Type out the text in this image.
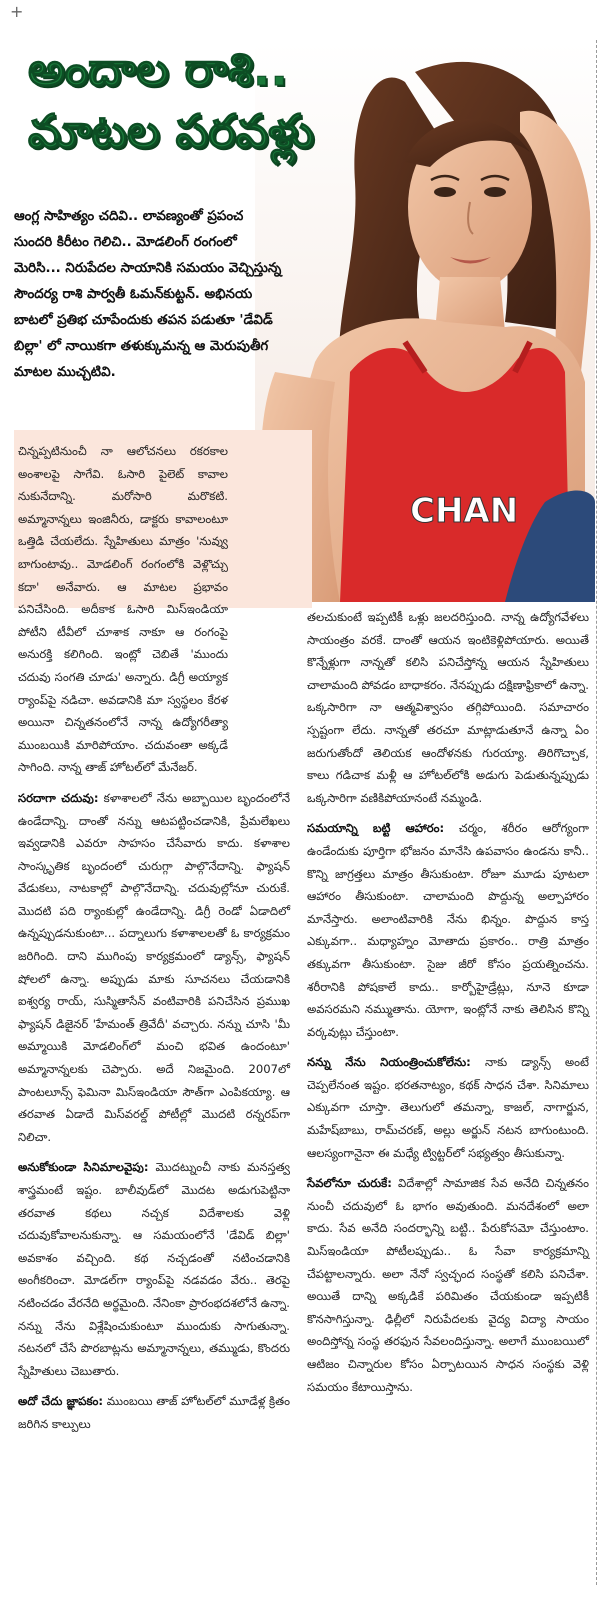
+
CHAN
అందాల రాశి..
మాటల పరవళ్లు

ఆంగ్ల సాహిత్యం చదివి.. లావణ్యంతో ప్రపంచ సుందరి కిరీటం గెలిచి.. మోడలింగ్ రంగంలో మెరిసి... నిరుపేదల సాయానికి సమయం వెచ్చిస్తున్న సౌందర్య రాశి పార్వతీ ఓమన్‌కుట్టన్. అభినయ బాటలో ప్రతిభ చూపేందుకు తపన పడుతూ 'డేవిడ్ బిల్లా' లో నాయికగా తళుక్కుమన్న ఆ మెరుపుతీగ మాటల ముచ్చటివి.

చిన్నప్పటినుంచీ నా ఆలోచనలు రకరకాల అంశాలపై సాగేవి. ఓసారి పైలెట్ కావాల నుకునేదాన్ని. మరోసారి మరొకటి. అమ్మానాన్నలు ఇంజినీరు, డాక్టరు కావాలంటూ ఒత్తిడి చేయలేదు. స్నేహితులు మాత్రం 'నువ్వు బాగుంటావు.. మోడలింగ్ రంగంలోకి వెళ్లొచ్చు కదా' అనేవారు. ఆ మాటల ప్రభావం పనిచేసింది. అదీకాక ఓసారి మిస్ఇండియా పోటీని టీవీలో చూశాక నాకూ ఆ రంగంపై అనురక్తి కలిగింది. ఇంట్లో చెబితే 'ముందు చదువు సంగతి చూడు' అన్నారు. డిగ్రీ అయ్యాక ర్యాంప్‌పై నడిచా. అవడానికి మా స్వస్థలం కేరళ అయినా చిన్నతనంలోనే నాన్న ఉద్యోగరీత్యా ముంబయికి మారిపోయాం. చదువంతా అక్కడే సాగింది. నాన్న తాజ్ హోటల్‌లో మేనేజర్.

సరదాగా చదువు: కళాశాలలో నేను అబ్బాయిల బృందంలోనే ఉండేదాన్ని. దాంతో నన్ను ఆటపట్టించడానికి, ప్రేమలేఖలు ఇవ్వడానికి ఎవరూ సాహసం చేసేవారు కాదు. కళాశాల సాంస్కృతిక బృందంలో చురుగ్గా పాల్గొనేదాన్ని. ఫ్యాషన్ వేడుకలు, నాటకాల్లో పాల్గొనేదాన్ని. చదువుల్లోనూ చురుకే. మొదటి పది ర్యాంకుల్లో ఉండేదాన్ని. డిగ్రీ రెండో ఏడాదిలో ఉన్నప్పుడనుకుంటా... పద్నాలుగు కళాశాలలతో ఓ కార్యక్రమం జరిగింది. దాని ముగింపు కార్యక్రమంలో డ్యాన్స్, ఫ్యాషన్ షోలలో ఉన్నా. అప్పుడు మాకు సూచనలు చేయడానికి ఐశ్వర్య రాయ్, సుస్మితాసేన్ వంటివారికి పనిచేసిన ప్రముఖ ఫ్యాషన్ డిజైనర్ 'హేమంత్ త్రివేదీ' వచ్చారు. నన్ను చూసి 'మీ అమ్మాయికి మోడలింగ్‌లో మంచి భవిత ఉందంటూ' అమ్మానాన్నలకు చెప్పారు. అదే నిజమైంది. 2007లో పాంటలూన్స్ ఫెమినా మిస్ఇండియా సౌత్‌గా ఎంపికయ్యా. ఆ తరవాత ఏడాదే మిస్‌వరల్డ్ పోటీల్లో మొదటి రన్నరప్‌గా నిలిచా.

అనుకోకుండా సినిమాలవైపు: మొదట్నుంచీ నాకు మనస్తత్వ శాస్త్రమంటే ఇష్టం. బాలీవుడ్‌లో మొదట అడుగుపెట్టినా తరవాత కథలు నచ్చక విదేశాలకు వెళ్లి చదువుకోవాలనుకున్నా. ఆ సమయంలోనే 'డేవిడ్ బిల్లా' అవకాశం వచ్చింది. కథ నచ్చడంతో నటించడానికి అంగీకరించా. మోడల్‌గా ర్యాంప్‌పై నడవడం వేరు.. తెరపై నటించడం వేరనేది అర్థమైంది. నేనింకా ప్రారంభదశలోనే ఉన్నా. నన్ను నేను విశ్లేషించుకుంటూ ముందుకు సాగుతున్నా. నటనలో చేసే పొరబాట్లను అమ్మానాన్నలు, తమ్ముడు, కొందరు స్నేహితులు చెబుతారు.

అదో చేదు జ్ఞాపకం: ముంబయి తాజ్ హోటల్‌లో మూడేళ్ల క్రితం జరిగిన కాల్పులు

తలచుకుంటే ఇప్పటికీ ఒళ్లు జలదరిస్తుంది. నాన్న ఉద్యోగవేళలు సాయంత్రం వరకే. దాంతో ఆయన ఇంటికెళ్లిపోయారు. అయితే కొన్నేళ్లుగా నాన్నతో కలిసి పనిచేస్తోన్న ఆయన స్నేహితులు చాలామంది పోవడం బాధాకరం. నేనప్పుడు దక్షిణాఫ్రికాలో ఉన్నా. ఒక్కసారిగా నా ఆత్మవిశ్వాసం తగ్గిపోయింది. సమాచారం స్పష్టంగా లేదు. నాన్నతో తరచూ మాట్లాడుతూనే ఉన్నా ఏం జరుగుతోందో తెలియక ఆందోళనకు గురయ్యా. తిరిగొచ్చాక, కాలు గడిచాక మళ్లీ ఆ హోటల్‌లోకి అడుగు పెడుతున్నప్పుడు ఒక్కసారిగా వణికిపోయానంటే నమ్మండి.

సమయాన్ని బట్టి ఆహారం: చర్మం, శరీరం ఆరోగ్యంగా ఉండేందుకు పూర్తిగా భోజనం మానేసి ఉపవాసం ఉండను కానీ.. కొన్ని జాగ్రత్తలు మాత్రం తీసుకుంటా. రోజూ మూడు పూటలా ఆహారం తీసుకుంటా. చాలామంది పొద్దున్న అల్పాహారం మానేస్తారు. అలాంటివారికి నేను భిన్నం. పొద్దున కాస్త ఎక్కువగా.. మధ్యాహ్నం మోతాదు ప్రకారం.. రాత్రి మాత్రం తక్కువగా తీసుకుంటా. సైజు జీరో కోసం ప్రయత్నించను. శరీరానికి పోషకాలే కాదు.. కార్బోహైడ్రేట్లు, నూనె కూడా అవసరమని నమ్ముతాను. యోగా, ఇంట్లోనే నాకు తెలిసిన కొన్ని వర్కవుట్లు చేస్తుంటా.

నన్ను నేను నియంత్రించుకోలేను: నాకు డ్యాన్స్ అంటే చెప్పలేనంత ఇష్టం. భరతనాట్యం, కథక్ సాధన చేశా. సినిమాలు ఎక్కువగా చూస్తా. తెలుగులో తమన్నా, కాజల్, నాగార్జున, మహేష్‌బాబు, రామ్‌చరణ్, అల్లు అర్జున్ నటన బాగుంటుంది. ఆలస్యంగానైనా ఈ మధ్యే ట్విట్టర్‌లో సభ్యత్వం తీసుకున్నా.

సేవలోనూ చురుకే: విదేశాల్లో సామాజిక సేవ అనేది చిన్నతనం నుంచీ చదువులో ఓ భాగం అవుతుంది. మనదేశంలో అలా కాదు. సేవ అనేది సందర్భాన్ని బట్టి.. పేరుకోసమో చేస్తుంటాం. మిస్ఇండియా పోటీలప్పుడు.. ఓ సేవా కార్యక్రమాన్ని చేపట్టాలన్నారు. అలా నేనో స్వచ్ఛంద సంస్థతో కలిసి పనిచేశా. అయితే దాన్ని అక్కడికే పరిమితం చేయకుండా ఇప్పటికీ కొనసాగిస్తున్నా. ఢిల్లీలో నిరుపేదలకు వైద్య విద్యా సాయం అందిస్తోన్న సంస్థ తరఫున సేవలందిస్తున్నా. అలాగే ముంబయిలో ఆటిజం చిన్నారుల కోసం ఏర్పాటయిన సాధన సంస్థకు వెళ్లి సమయం కేటాయిస్తాను.
